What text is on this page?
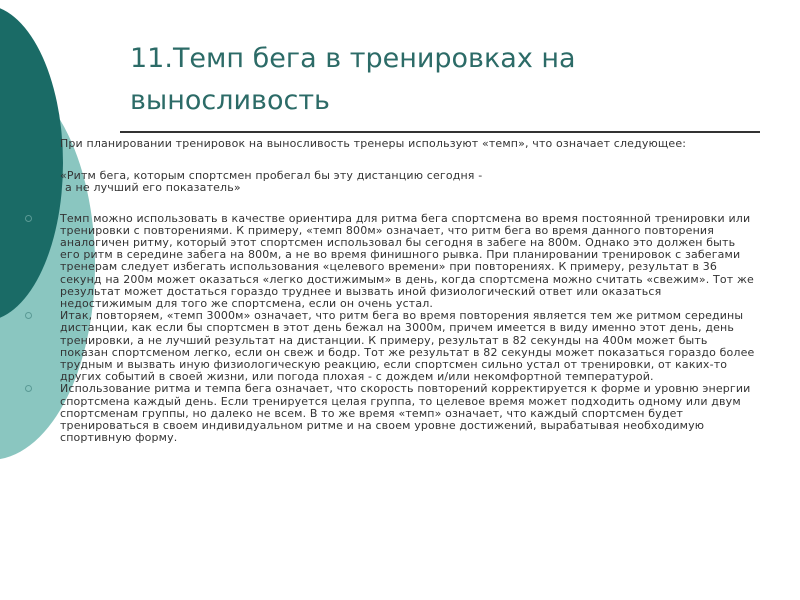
11.Темп бега в тренировках на
выносливость

При планировании тренировок на выносливость тренеры используют «темп», что означает следующее:

«Ритм бега, которым спортсмен пробегал бы эту дистанцию сегодня -

а не лучший его показатель»

Темп можно использовать в качестве ориентира для ритма бега спортсмена во время постоянной тренировки или тренировки с повторениями. К примеру, «темп 800м» означает, что ритм бега во время данного повторения аналогичен ритму, который этот спортсмен использовал бы сегодня в забеге на 800м. Однако это должен быть его ритм в середине забега на 800м, а не во время финишного рывка. При планировании тренировок с забегами тренерам следует избегать использования «целевого времени» при повторениях. К примеру, результат в 36 секунд на 200м может оказаться «легко достижимым» в день, когда спортсмена можно считать «свежим». Тот же результат может достаться гораздо труднее и вызвать иной физиологический ответ или оказаться недостижимым для того же спортсмена, если он очень устал.

Итак, повторяем, «темп 3000м» означает, что ритм бега во время повторения является тем же ритмом середины дистанции, как если бы спортсмен в этот день бежал на 3000м, причем имеется в виду именно этот день, день тренировки, а не лучший результат на дистанции. К примеру, результат в 82 секунды на 400м может быть показан спортсменом легко, если он свеж и бодр. Тот же результат в 82 секунды может показаться гораздо более трудным и вызвать иную физиологическую реакцию, если спортсмен сильно устал от тренировки, от каких-то других событий в своей жизни, или погода плохая - с дождем и/или некомфортной температурой.

Использование ритма и темпа бега означает, что скорость повторений корректируется к форме и уровню энергии спортсмена каждый день. Если тренируется целая группа, то целевое время может подходить одному или двум спортсменам группы, но далеко не всем. В то же время «темп» означает, что каждый спортсмен будет тренироваться в своем индивидуальном ритме и на своем уровне достижений, вырабатывая необходимую спортивную форму.
